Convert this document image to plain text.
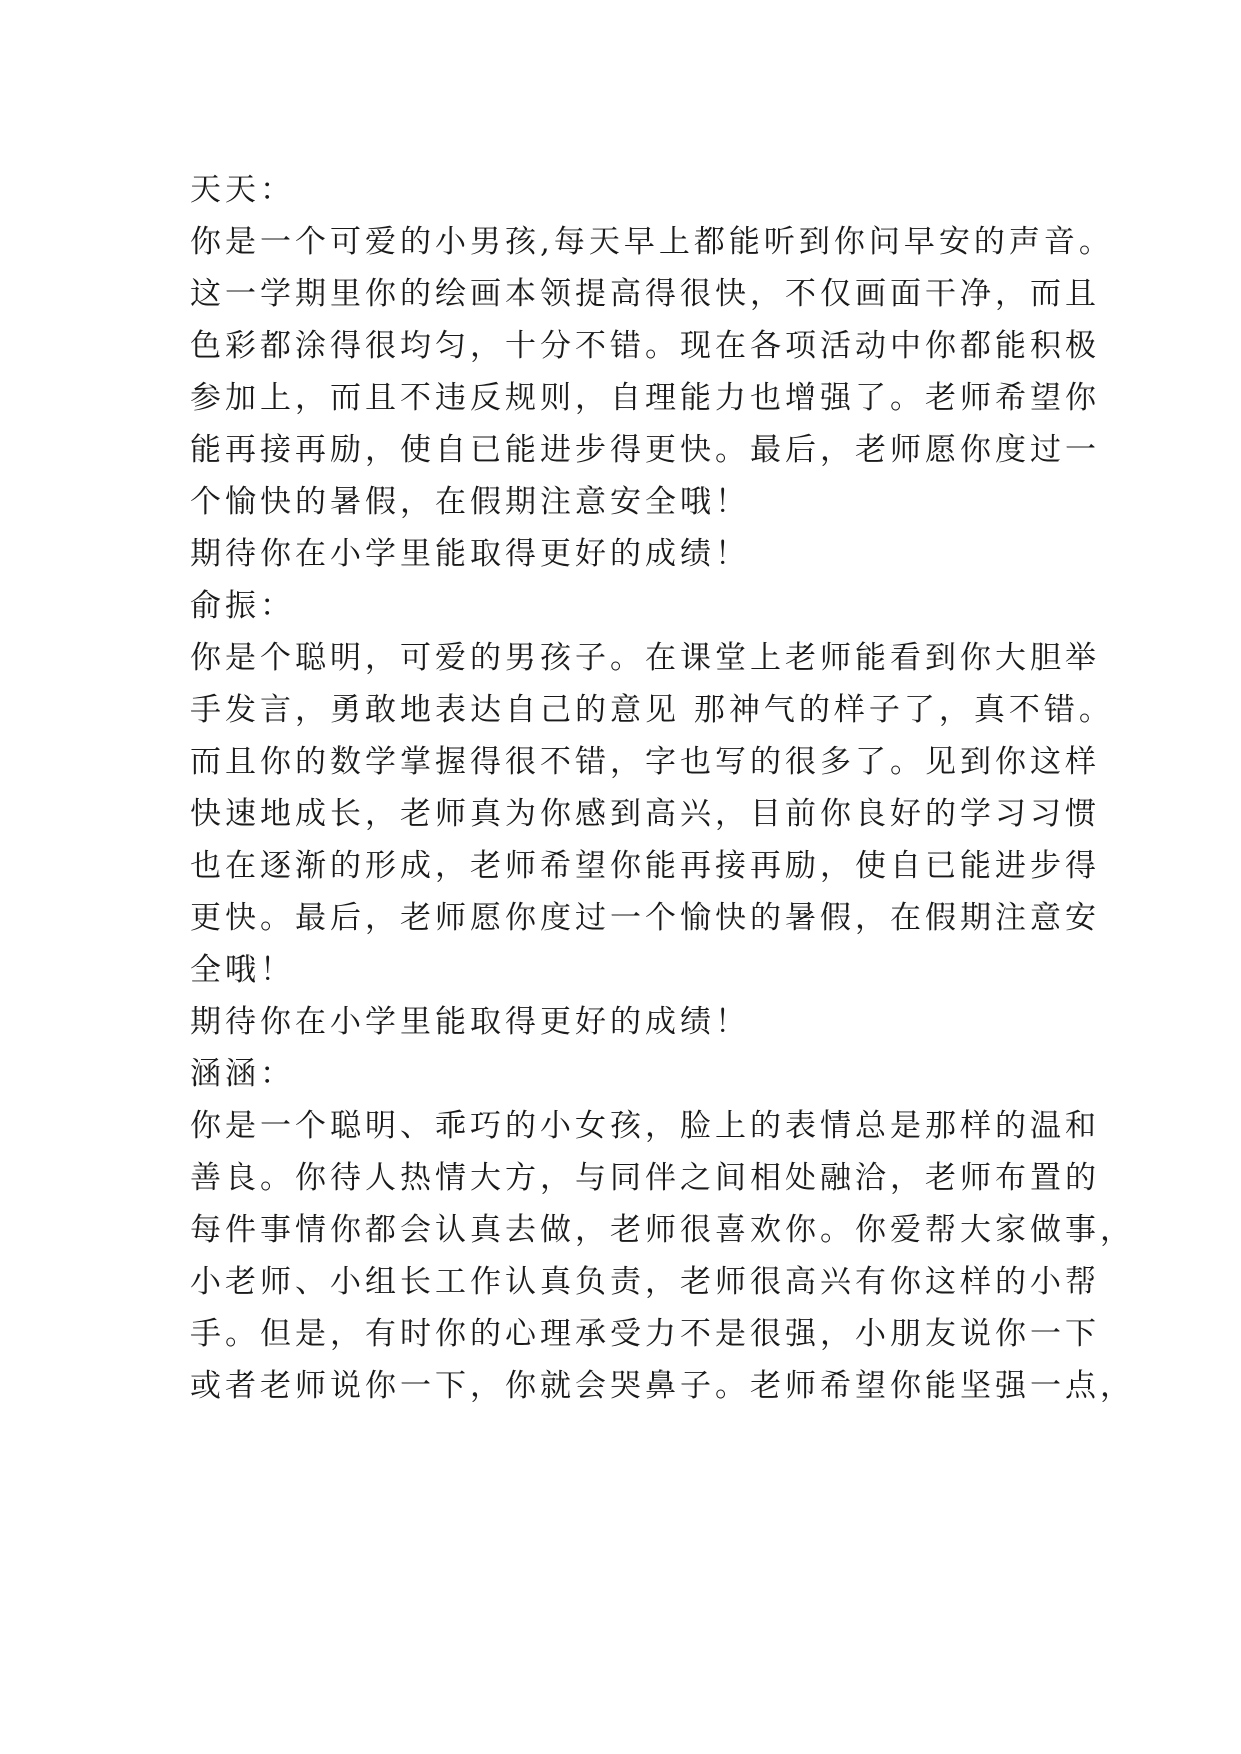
天天：
你是一个可爱的小男孩,每天早上都能听到你问早安的声音。
这一学期里你的绘画本领提高得很快，不仅画面干净，而且
色彩都涂得很均匀，十分不错。现在各项活动中你都能积极
参加上，而且不违反规则，自理能力也增强了。老师希望你
能再接再励，使自已能进步得更快。最后，老师愿你度过一
个愉快的暑假，在假期注意安全哦！
期待你在小学里能取得更好的成绩！
俞振：
你是个聪明，可爱的男孩子。在课堂上老师能看到你大胆举
手发言，勇敢地表达自己的意见 那神气的样子了，真不错。
而且你的数学掌握得很不错，字也写的很多了。见到你这样
快速地成长，老师真为你感到高兴，目前你良好的学习习惯
也在逐渐的形成，老师希望你能再接再励，使自已能进步得
更快。最后，老师愿你度过一个愉快的暑假，在假期注意安
全哦！
期待你在小学里能取得更好的成绩！
涵涵：
你是一个聪明、乖巧的小女孩，脸上的表情总是那样的温和
善良。你待人热情大方，与同伴之间相处融洽，老师布置的
每件事情你都会认真去做，老师很喜欢你。你爱帮大家做事，
小老师、小组长工作认真负责，老师很高兴有你这样的小帮
手。但是，有时你的心理承受力不是很强，小朋友说你一下
或者老师说你一下，你就会哭鼻子。老师希望你能坚强一点，
